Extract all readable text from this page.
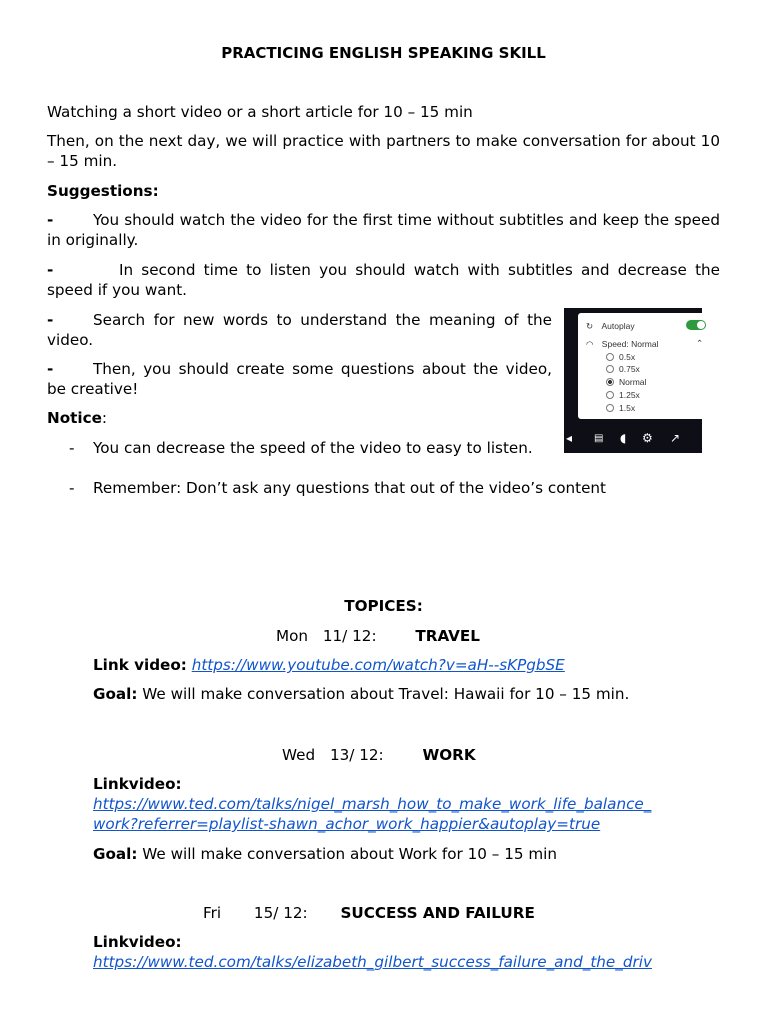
PRACTICING ENGLISH SPEAKING SKILL
Watching a short video or a short article for 10 – 15 min
Then, on the next day, we will practice with partners to make conversation for about 10 – 15 min.
Suggestions:
-	You should watch the video for the first time without subtitles and keep the speed in originally.
-	In second time to listen you should watch with subtitles and decrease the speed if you want.
-	Search for new words to understand the meaning of the video.
-	Then, you should create some questions about the video, be creative!
Notice:
- You can decrease the speed of the video to easy to listen.
- Remember: Don’t ask any questions that out of the video’s content
TOPICES:
Mon 11/ 12:	TRAVEL
Link video: https://www.youtube.com/watch?v=aH--sKPgbSE
Goal: We will make conversation about Travel: Hawaii for 10 – 15 min.
Wed 13/ 12:	WORK
Linkvideo:
https://www.ted.com/talks/nigel_marsh_how_to_make_work_life_balance_
work?referrer=playlist-shawn_achor_work_happier&autoplay=true
Goal: We will make conversation about Work for 10 – 15 min
Fri 15/ 12: SUCCESS AND FAILURE
Linkvideo:
https://www.ted.com/talks/elizabeth_gilbert_success_failure_and_the_driv
↻ Autoplay
◠ Speed: Normal	⌃
0.5x
0.75x
Normal
1.25x
1.5x
◂ ▤ ◖ ⚙ ↗
